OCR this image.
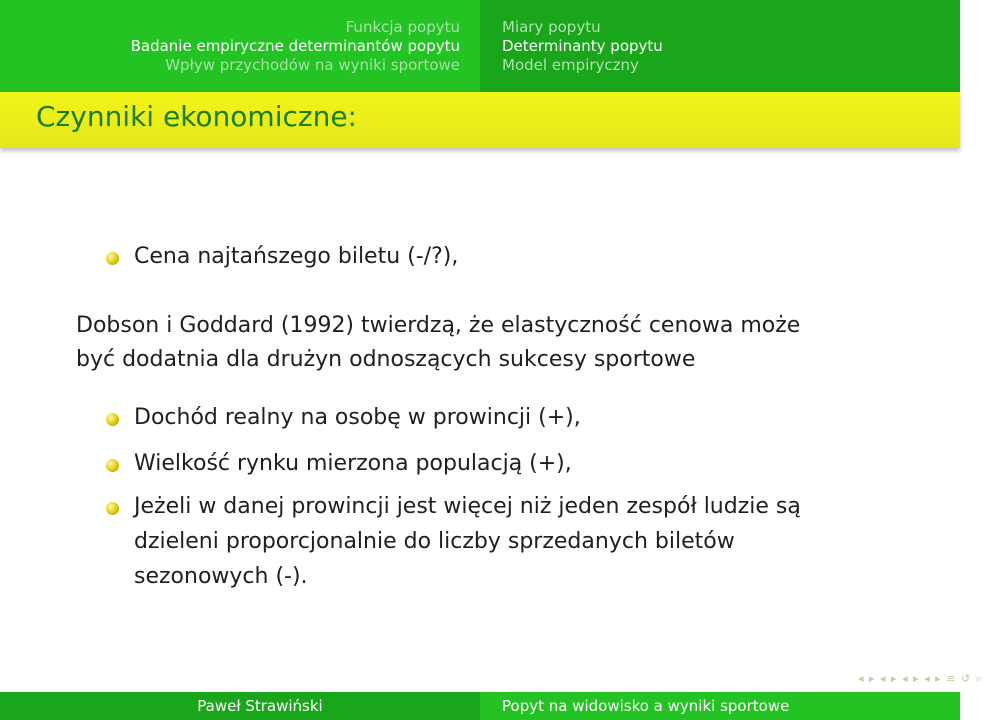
Funkcja popytu
Badanie empiryczne determinantów popytu
Wpływ przychodów na wyniki sportowe
Miary popytu
Determinanty popytu
Model empiryczny
Czynniki ekonomiczne:
Cena najtańszego biletu (-/?),
Dobson i Goddard (1992) twierdzą, że elastyczność cenowa może
być dodatnia dla drużyn odnoszących sukcesy sportowe
Dochód realny na osobę w prowincji (+),
Wielkość rynku mierzona populacją (+),
Jeżeli w danej prowincji jest więcej niż jeden zespół ludzie są
dzieleni proporcjonalnie do liczby sprzedanych biletów
sezonowych (-).
◂ ▸ ◂ ▸ ◂ ▸ ◂ ▸ ≡ ↺ ⌕
Paweł Strawiński	Popyt na widowisko a wyniki sportowe
